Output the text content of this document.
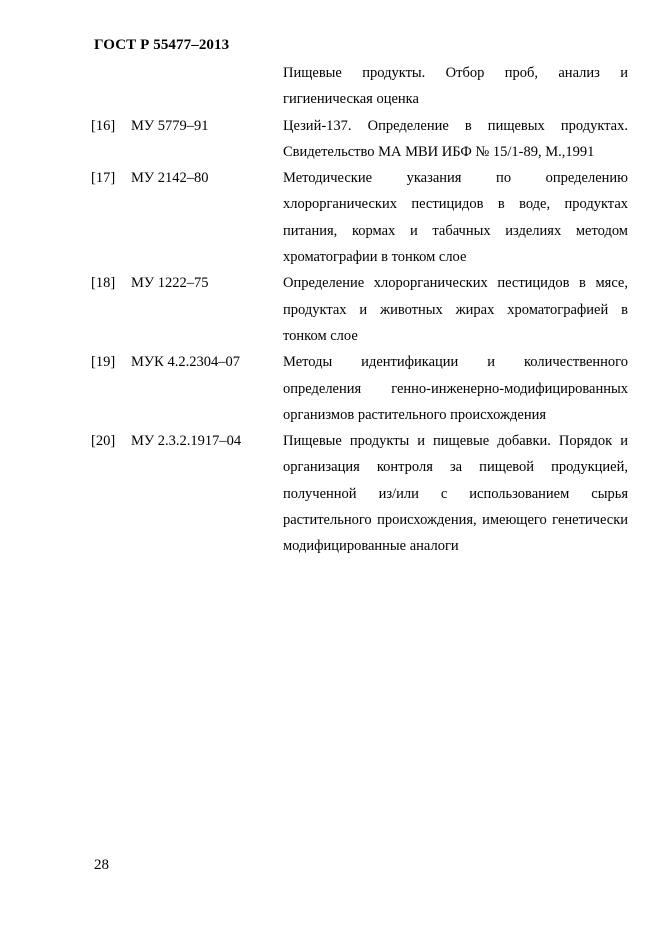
ГОСТ Р 55477–2013
Пищевые продукты. Отбор проб, анализ и гигиеническая оценка
[16] МУ 5779–91	Цезий-137. Определение в пищевых продуктах. Свидетельство МА МВИ ИБФ № 15/1-89, М.,1991
[17] МУ 2142–80	Методические указания по определению хлорорганических пестицидов в воде, продуктах питания, кормах и табачных изделиях методом хроматографии в тонком слое
[18] МУ 1222–75	Определение хлорорганических пестицидов в мясе, продуктах и животных жирах хроматографией в тонком слое
[19] МУК 4.2.2304–07	Методы идентификации и количественного определения генно-инженерно-модифицированных организмов растительного происхождения
[20] МУ 2.3.2.1917–04	Пищевые продукты и пищевые добавки. Порядок и организация контроля за пищевой продукцией, полученной из/или с использованием сырья растительного происхождения, имеющего генетически модифицированные аналоги
28
